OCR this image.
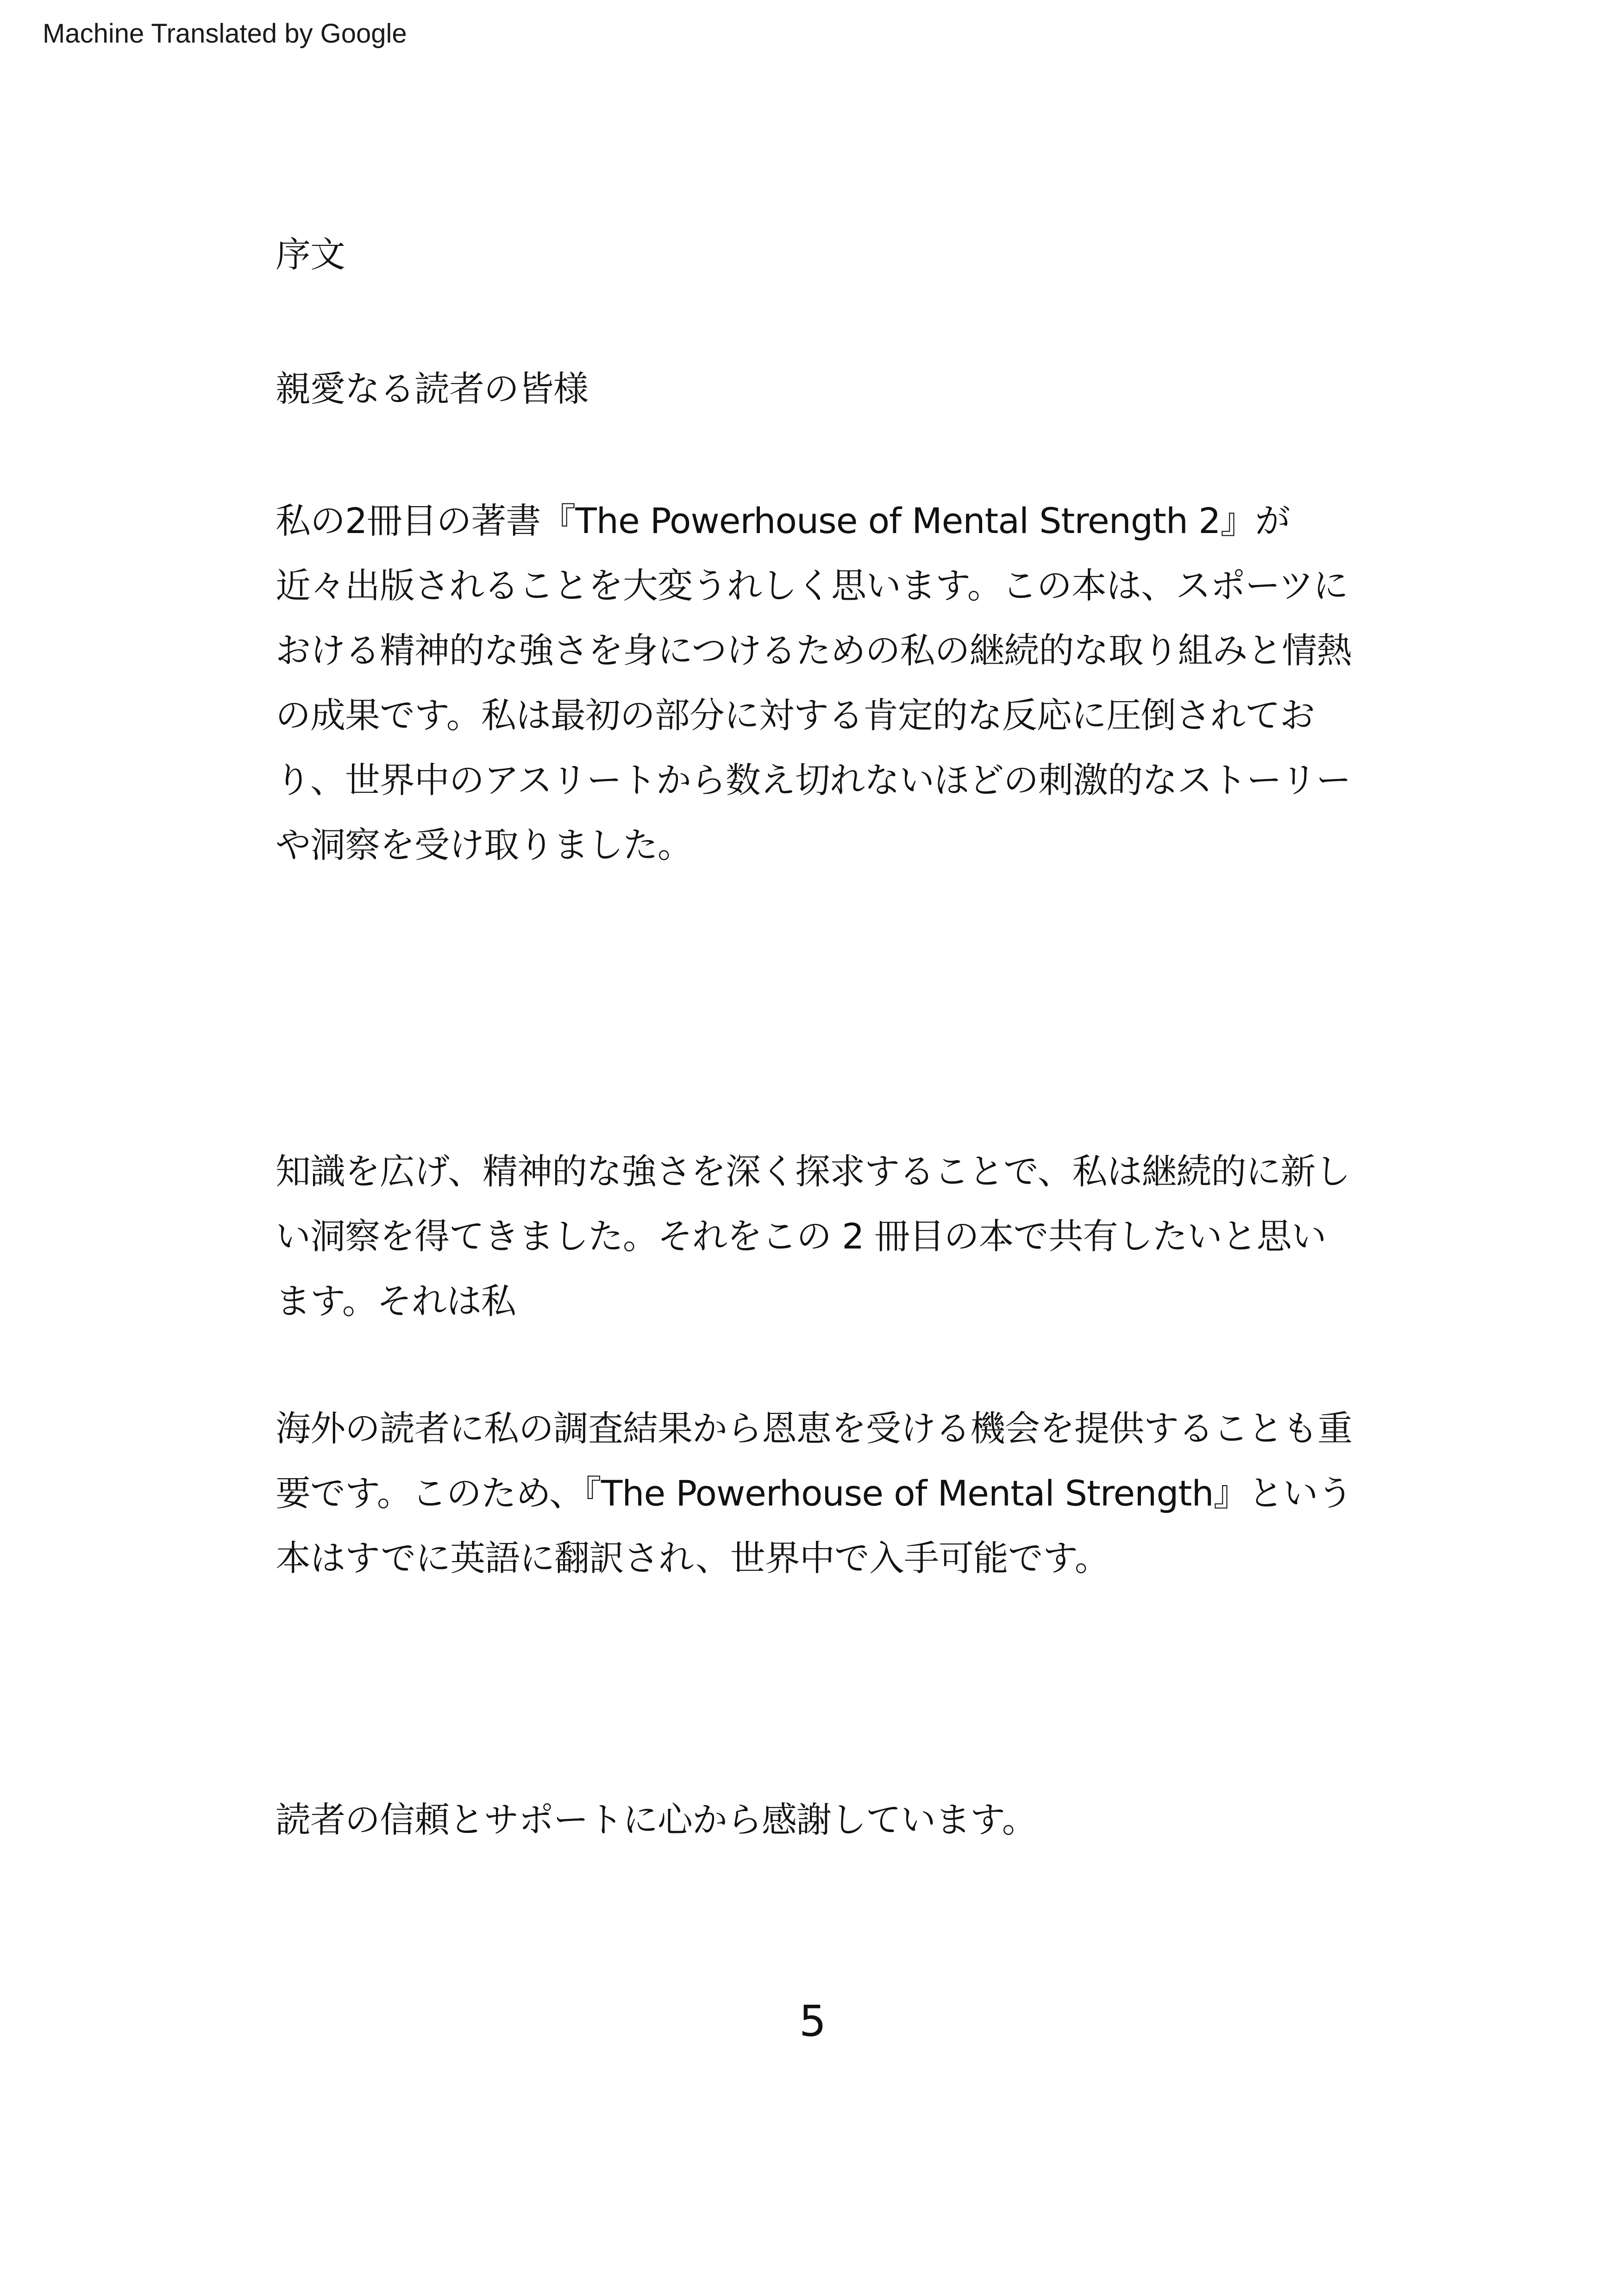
Machine Translated by Google
序文
親愛なる読者の皆様
私の2冊目の著書『The Powerhouse of Mental Strength 2』が近々出版されることを大変うれしく思います。この本は、スポーツにおける精神的な強さを身につけるための私の継続的な取り組みと情熱の成果です。私は最初の部分に対する肯定的な反応に圧倒されており、世界中のアスリートから数え切れないほどの刺激的なストーリーや洞察を受け取りました。
知識を広げ、精神的な強さを深く探求することで、私は継続的に新しい洞察を得てきました。それをこの 2 冊目の本で共有したいと思います。それは私
海外の読者に私の調査結果から恩恵を受ける機会を提供することも重要です。このため、『The Powerhouse of Mental Strength』という本はすでに英語に翻訳され、世界中で入手可能です。
読者の信頼とサポートに心から感謝しています。
5
